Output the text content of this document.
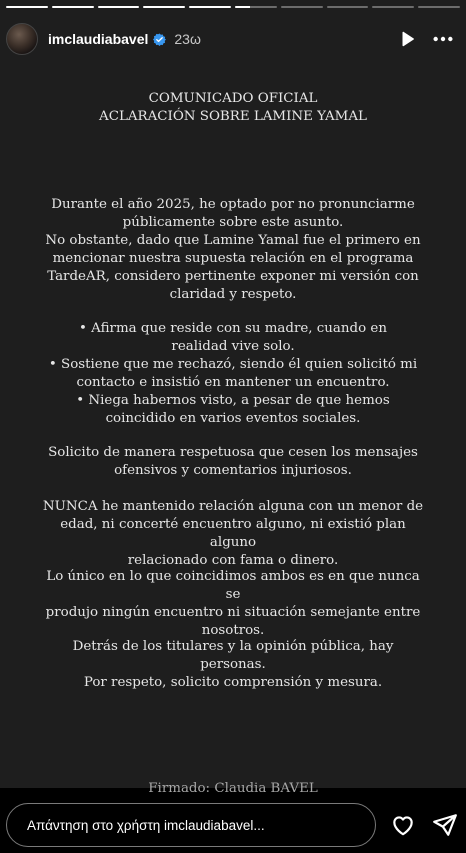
imclaudiabavel 23ω
COMUNICADO OFICIAL
ACLARACIÓN SOBRE LAMINE YAMAL
Durante el año 2025, he optado por no pronunciarme
públicamente sobre este asunto.
No obstante, dado que Lamine Yamal fue el primero en
mencionar nuestra supuesta relación en el programa
TardeAR, considero pertinente exponer mi versión con
claridad y respeto.
• Afirma que reside con su madre, cuando en
realidad vive solo.
• Sostiene que me rechazó, siendo él quien solicitó mi
contacto e insistió en mantener un encuentro.
• Niega habernos visto, a pesar de que hemos
coincidido en varios eventos sociales.
Solicito de manera respetuosa que cesen los mensajes
ofensivos y comentarios injuriosos.
NUNCA he mantenido relación alguna con un menor de
edad, ni concerté encuentro alguno, ni existió plan alguno
relacionado con fama o dinero.
Lo único en lo que coincidimos ambos es en que nunca se
produjo ningún encuentro ni situación semejante entre
nosotros.
Detrás de los titulares y la opinión pública, hay personas.
Por respeto, solicito comprensión y mesura.
Firmado: Claudia BAVEL
Απάντηση στο χρήστη imclaudiabavel...
